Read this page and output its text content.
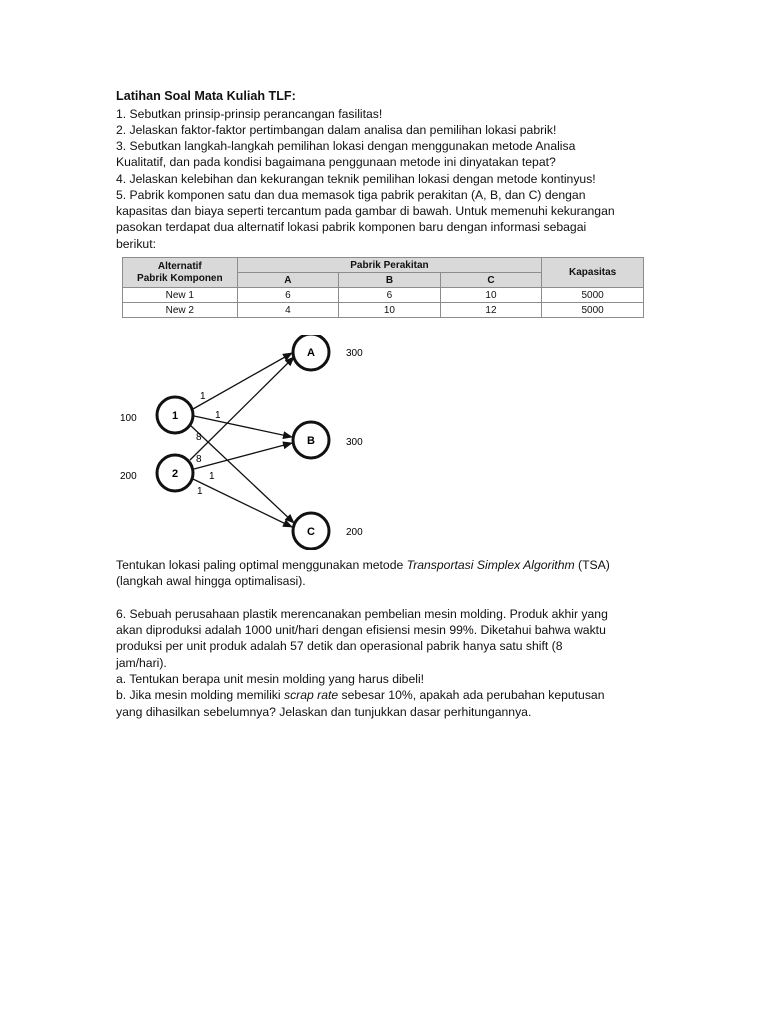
Latihan Soal Mata Kuliah TLF:

1. Sebutkan prinsip-prinsip perancangan fasilitas!

2. Jelaskan faktor-faktor pertimbangan dalam analisa dan pemilihan lokasi pabrik!

3. Sebutkan langkah-langkah pemilihan lokasi dengan menggunakan metode Analisa

Kualitatif, dan pada kondisi bagaimana penggunaan metode ini dinyatakan tepat?

4. Jelaskan kelebihan dan kekurangan teknik pemilihan lokasi dengan metode kontinyus!

5. Pabrik komponen satu dan dua memasok tiga pabrik perakitan (A, B, dan C) dengan

kapasitas dan biaya seperti tercantum pada gambar di bawah. Untuk memenuhi kekurangan

pasokan terdapat dua alternatif lokasi pabrik komponen baru dengan informasi sebagai

berikut:

Alternatif
Pabrik Komponen	Pabrik Perakitan			Kapasitas
	A	B	C	
New 1	6	6	10	5000
New 2	4	10	12	5000
1
2
A
B
C
100
200
300
300
200
1
1
8
8
1
1

Tentukan lokasi paling optimal menggunakan metode Transportasi Simplex Algorithm (TSA)

(langkah awal hingga optimalisasi).

6. Sebuah perusahaan plastik merencanakan pembelian mesin molding. Produk akhir yang

akan diproduksi adalah 1000 unit/hari dengan efisiensi mesin 99%. Diketahui bahwa waktu

produksi per unit produk adalah 57 detik dan operasional pabrik hanya satu shift (8

jam/hari).

a. Tentukan berapa unit mesin molding yang harus dibeli!

b. Jika mesin molding memiliki scrap rate sebesar 10%, apakah ada perubahan keputusan

yang dihasilkan sebelumnya? Jelaskan dan tunjukkan dasar perhitungannya.
